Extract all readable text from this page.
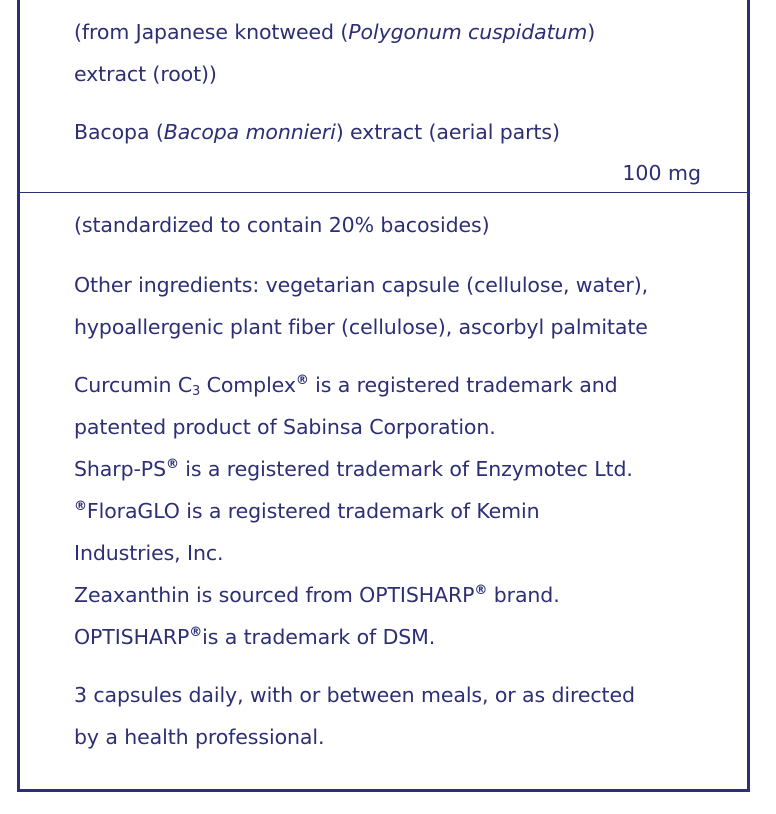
(from Japanese knotweed (Polygonum cuspidatum)
extract (root))
Bacopa (Bacopa monnieri) extract (aerial parts)
100 mg
(standardized to contain 20% bacosides)
Other ingredients: vegetarian capsule (cellulose, water),
hypoallergenic plant fiber (cellulose), ascorbyl palmitate
Curcumin $C_3$ Complex® is a registered trademark and
patented product of Sabinsa Corporation.
Sharp-PS® is a registered trademark of Enzymotec Ltd.
®FloraGLO is a registered trademark of Kemin
Industries, Inc.
Zeaxanthin is sourced from OPTISHARP® brand.
OPTISHARP®is a trademark of DSM.
3 capsules daily, with or between meals, or as directed
by a health professional.
